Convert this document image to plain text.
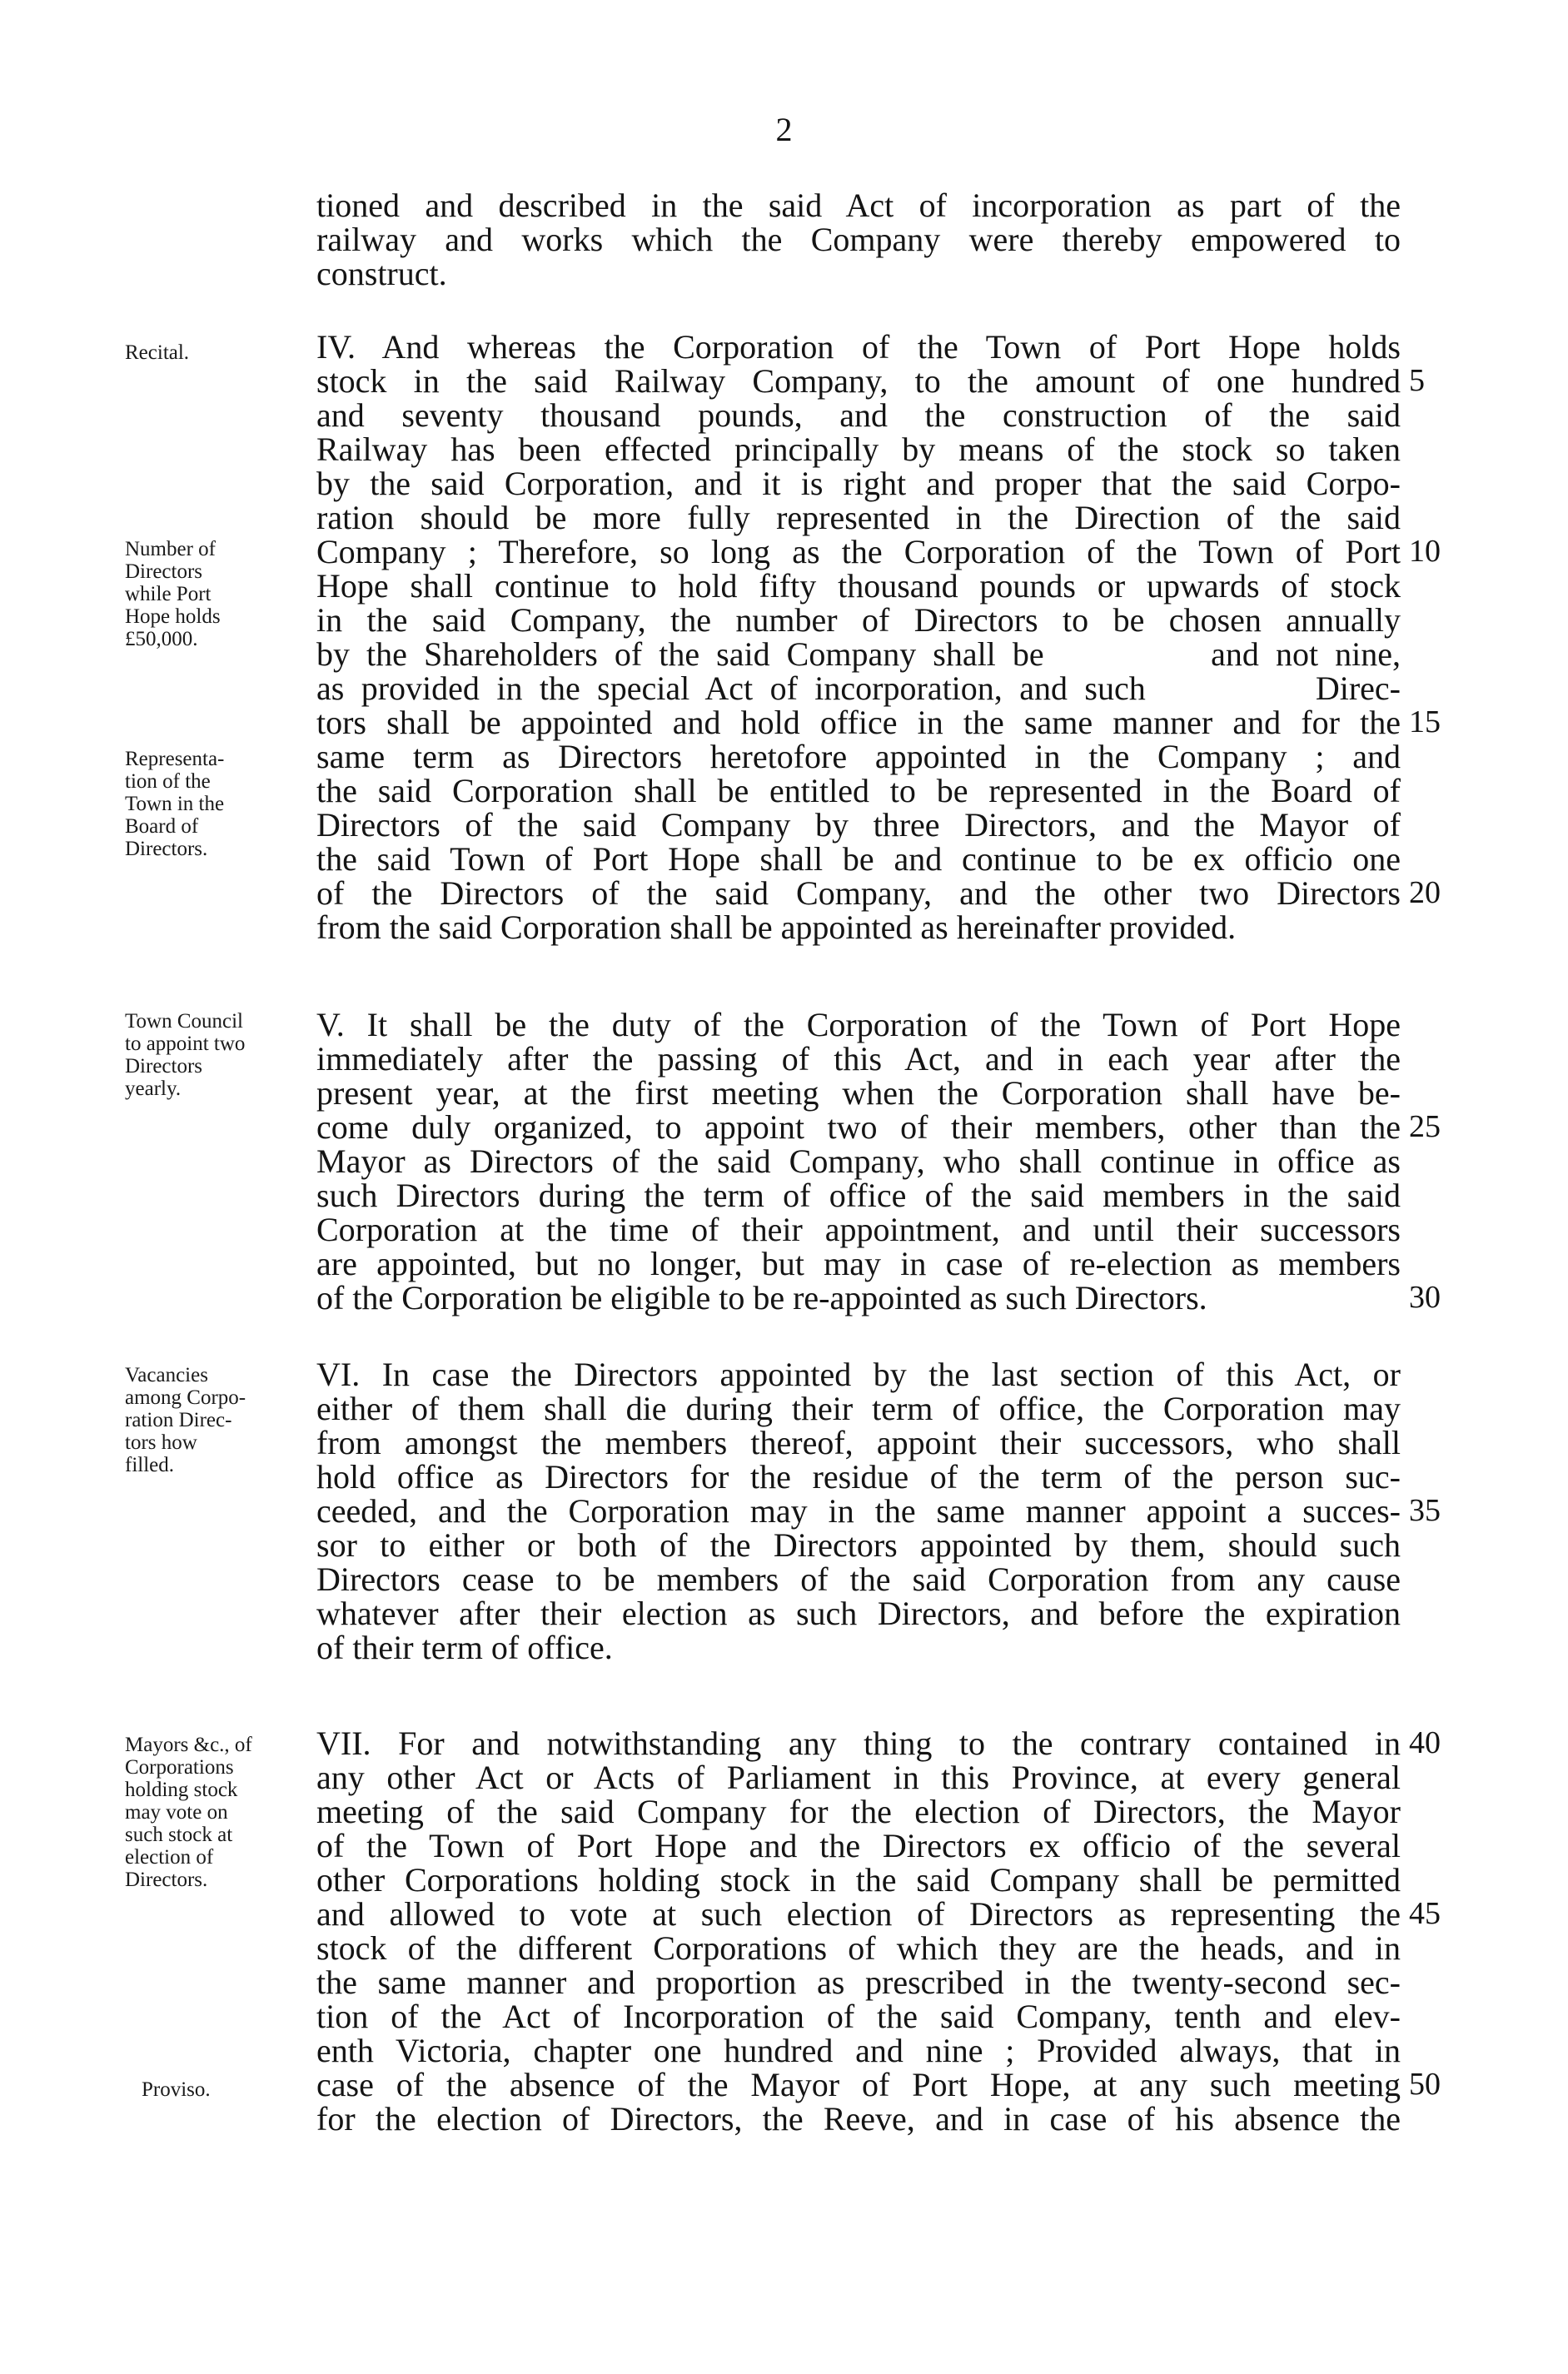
2
tioned and described in the said Act of incorporation as part of the
railway and works which the Company were thereby empowered to
construct.
IV. And whereas the Corporation of the Town of Port Hope holds
stock in the said Railway Company, to the amount of one hundred
and seventy thousand pounds, and the construction of the said
Railway has been effected principally by means of the stock so taken
by the said Corporation, and it is right and proper that the said Corpo-
ration should be more fully represented in the Direction of the said
Company ; Therefore, so long as the Corporation of the Town of Port
Hope shall continue to hold fifty thousand pounds or upwards of stock
in the said Company, the number of Directors to be chosen annually
by the Shareholders of the said Company shall be          and not nine,
as provided in the special Act of incorporation, and such          Direc-
tors shall be appointed and hold office in the same manner and for the
same term as Directors heretofore appointed in the Company ; and
the said Corporation shall be entitled to be represented in the Board of
Directors of the said Company by three Directors, and the Mayor of
the said Town of Port Hope shall be and continue to be ex officio one
of the Directors of the said Company, and the other two Directors
from the said Corporation shall be appointed as hereinafter provided.
V. It shall be the duty of the Corporation of the Town of Port Hope
immediately after the passing of this Act, and in each year after the
present year, at the first meeting when the Corporation shall have be-
come duly organized, to appoint two of their members, other than the
Mayor as Directors of the said Company, who shall continue in office as
such Directors during the term of office of the said members in the said
Corporation at the time of their appointment, and until their successors
are appointed, but no longer, but may in case of re-election as members
of the Corporation be eligible to be re-appointed as such Directors.
VI. In case the Directors appointed by the last section of this Act, or
either of them shall die during their term of office, the Corporation may
from amongst the members thereof, appoint their successors, who shall
hold office as Directors for the residue of the term of the person suc-
ceeded, and the Corporation may in the same manner appoint a succes-
sor to either or both of the Directors appointed by them, should such
Directors cease to be members of the said Corporation from any cause
whatever after their election as such Directors, and before the expiration
of their term of office.
VII. For and notwithstanding any thing to the contrary contained in
any other Act or Acts of Parliament in this Province, at every general
meeting of the said Company for the election of Directors, the Mayor
of the Town of Port Hope and the Directors ex officio of the several
other Corporations holding stock in the said Company shall be permitted
and allowed to vote at such election of Directors as representing the
stock of the different Corporations of which they are the heads, and in
the same manner and proportion as prescribed in the twenty-second sec-
tion of the Act of Incorporation of the said Company, tenth and elev-
enth Victoria, chapter one hundred and nine ; Provided always, that in
case of the absence of the Mayor of Port Hope, at any such meeting
for the election of Directors, the Reeve, and in case of his absence the
Recital.
Number of
Directors
while Port
Hope holds
£50,000.
Representa-
tion of the
Town in the
Board of
Directors.
Town Council
to appoint two
Directors
yearly.
Vacancies
among Corpo-
ration Direc-
tors how
filled.
Mayors &c., of
Corporations
holding stock
may vote on
such stock at
election of
Directors.
Proviso.
5
10
15
20
25
30
35
40
45
50
